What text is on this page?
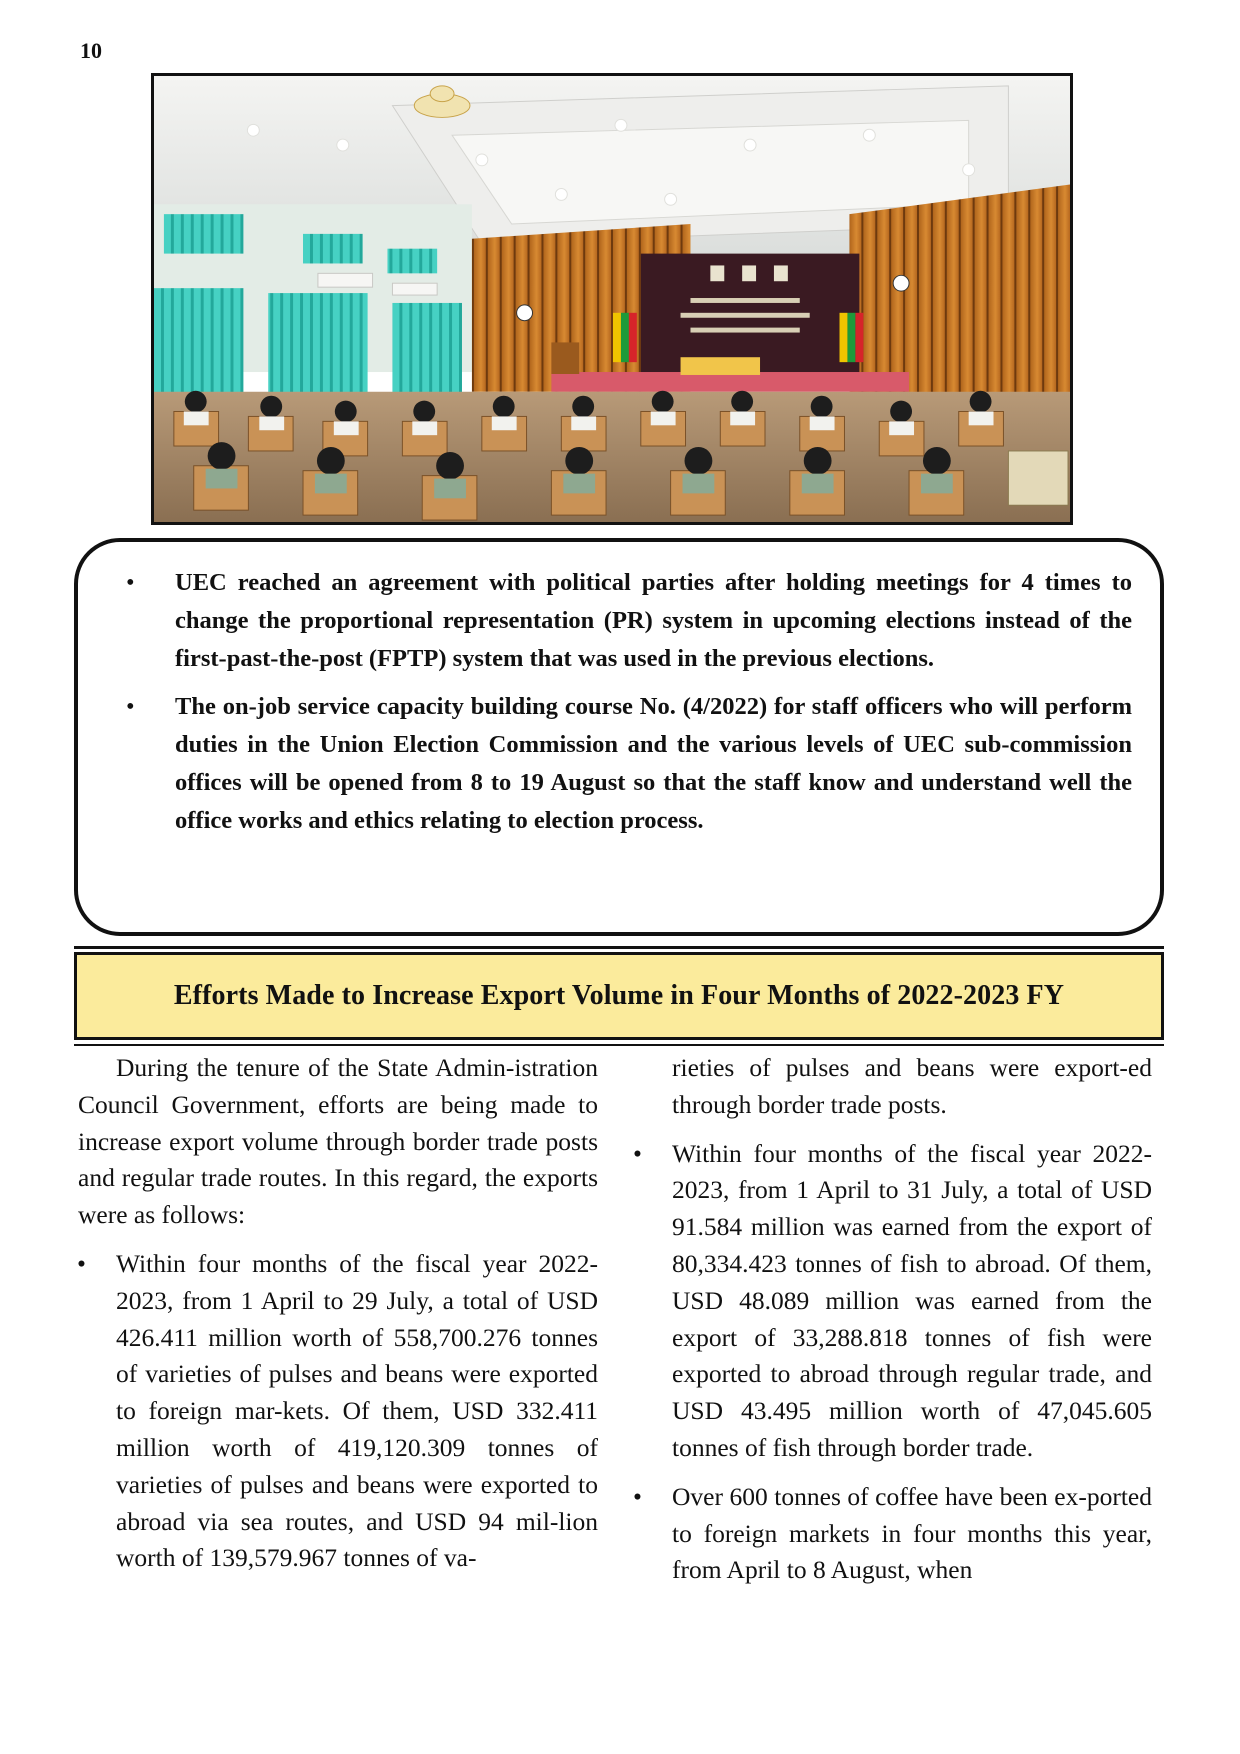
10
• UEC reached an agreement with political parties after holding meetings for 4 times to change the proportional representation (PR) system in upcoming elections instead of the first-past-the-post (FPTP) system that was used in the previous elections.
• The on-job service capacity building course No. (4/2022) for staff officers who will perform duties in the Union Election Commission and the various levels of UEC sub-commission offices will be opened from 8 to 19 August so that the staff know and understand well the office works and ethics relating to election process.
Efforts Made to Increase Export Volume in Four Months of 2022-2023 FY

During the tenure of the State Admin-istration Council Government, efforts are being made to increase export volume through border trade posts and regular trade routes. In this regard, the exports were as follows:

• Within four months of the fiscal year 2022-2023, from 1 April to 29 July, a total of USD 426.411 million worth of 558,700.276 tonnes of varieties of pulses and beans were exported to foreign mar-kets. Of them, USD 332.411 million worth of 419,120.309 tonnes of varieties of pulses and beans were exported to abroad via sea routes, and USD 94 mil-lion worth of 139,579.967 tonnes of va-

rieties of pulses and beans were export-ed through border trade posts.

• Within four months of the fiscal year 2022-2023, from 1 April to 31 July, a total of USD 91.584 million was earned from the export of 80,334.423 tonnes of fish to abroad. Of them, USD 48.089 million was earned from the export of 33,288.818 tonnes of fish were exported to abroad through regular trade, and USD 43.495 million worth of 47,045.605 tonnes of fish through border trade.
• Over 600 tonnes of coffee have been ex-ported to foreign markets in four months this year, from April to 8 August, when
